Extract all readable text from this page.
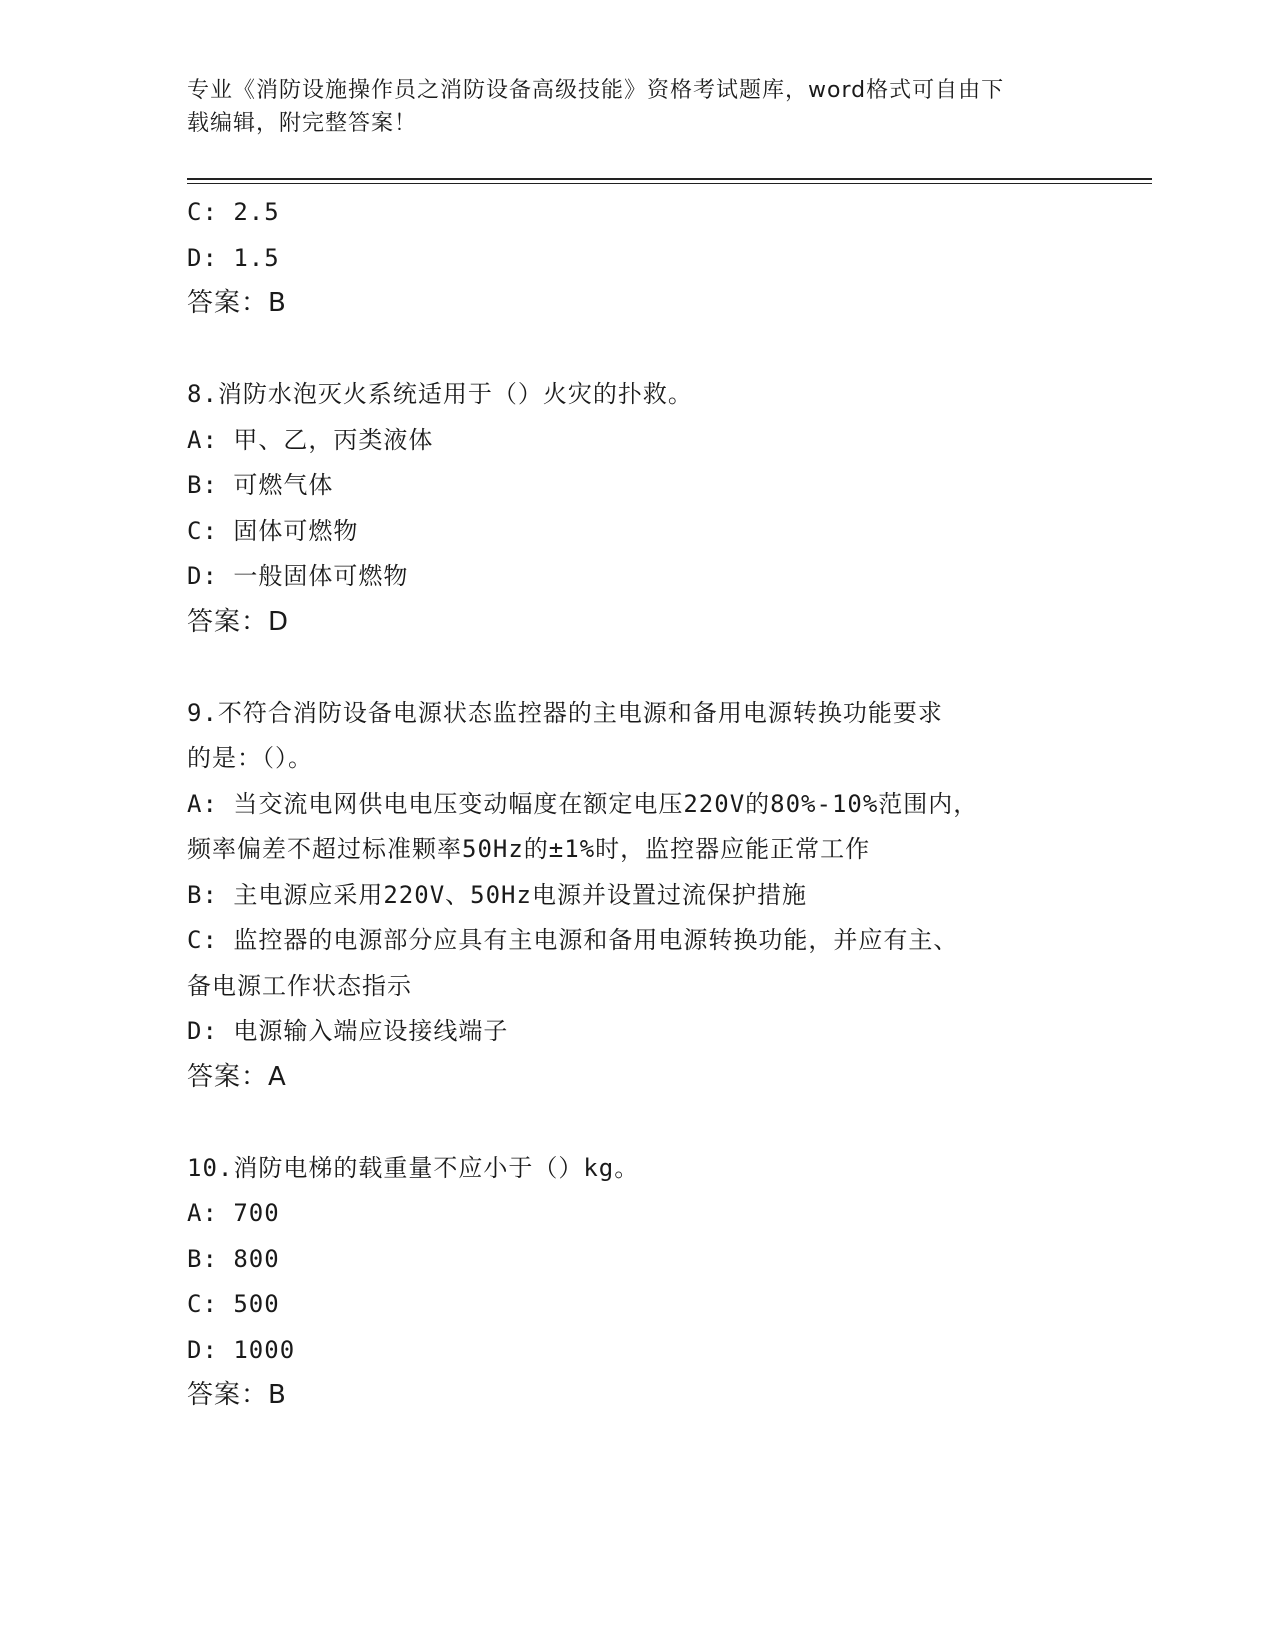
专业《消防设施操作员之消防设备高级技能》资格考试题库，word格式可自由下
载编辑，附完整答案！
C: 2.5
D: 1.5
答案：B
8.消防水泡灭火系统适用于（）火灾的扑救。
A: 甲、乙，丙类液体
B: 可燃气体
C: 固体可燃物
D: 一般固体可燃物
答案：D
9.不符合消防设备电源状态监控器的主电源和备用电源转换功能要求
的是：（）。
A: 当交流电网供电电压变动幅度在额定电压220V的80%-10%范围内，
频率偏差不超过标准颗率50Hz的±1%时，监控器应能正常工作
B: 主电源应采用220V、50Hz电源并设置过流保护措施
C: 监控器的电源部分应具有主电源和备用电源转换功能，并应有主、
备电源工作状态指示
D: 电源输入端应设接线端子
答案：A
10.消防电梯的载重量不应小于（）kg。
A: 700
B: 800
C: 500
D: 1000
答案：B
